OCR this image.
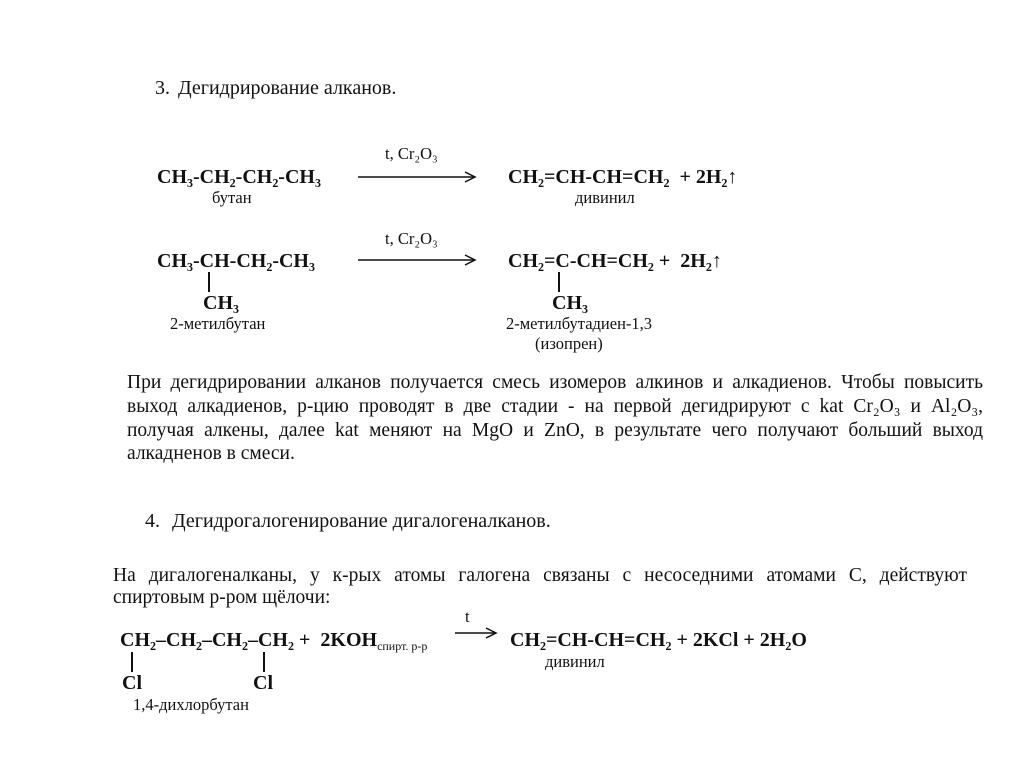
3. Дегидрирование алканов.
t, Cr₂O₃
CH₃-CH₂-CH₂-CH₃	CH₂=CH-CH=CH₂  + 2H₂↑
бутан	дивинил
t, Cr₂O₃
CH₃-CH-CH₂-CH₃	CH₂=C-CH=CH₂ +  2H₂↑
CH₃	CH₃
2-метилбутан	2-метилбутадиен-1,3
(изопрен)
При дегидрировании алканов получается смесь изомеров алкинов и алкадиенов. Чтобы повысить
выход алкадиенов, р-цию проводят в две стадии - на первой дегидрируют с kat Cr₂O₃ и Al₂O₃,
получая алкены, далее kat меняют на MgO и ZnO, в результате чего получают больший выход
алкадненов в смеси.
4. Дегидрогалогенирование дигалогеналканов.
На дигалогеналканы, у к-рых атомы галогена связаны с несоседними атомами C, действуют
спиртовым р-ром щёлочи:
t
$CH_2-CH_2-CH_2-CH_2 + 2KOH_{спирт. р-р} \to CH_2=CH-CH=CH_2 + 2KCl + 2H_2O$
дивинил
Cl	Cl
1,4-дихлорбутан
